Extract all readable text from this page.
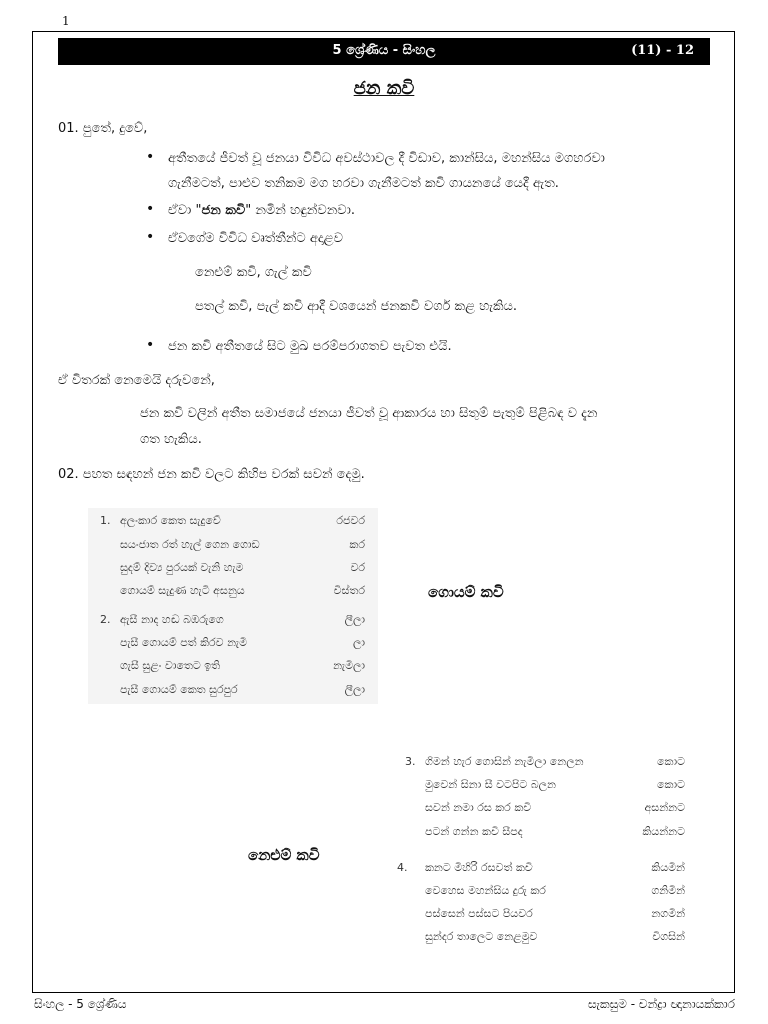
1
5 ශ්‍රේණිය - සිංහල	(11) - 12
ජන කවි
01. පුතේ, දුවේ,
• අතීතයේ ජීවත් වූ ජනයා විවිධ අවස්ථාවල දී විඩාව, කාන්සිය, මහන්සිය මගහරවා
ගැනීමටත්, පාළුව තනිකම මග හරවා ගැනීමටත් කවි ගායනයේ යෙදී ඇත.
• ඒවා "ජන කවි" නමින් හඳුන්වනවා.
• ඒවගේම විවිධ වෘත්තීන්ට අදාළව
නෙළුම් කවි, ගැල් කවි
පතල් කවි, පැල් කවි ආදී වශයෙන් ජනකවි වර්ග කළ හැකිය.
• ජන කවි අතීතයේ සිට මුඛ පරම්පරාගතව පැවත එයි.
ඒ විතරක් නෙමෙයි දරුවනේ,
ජන කවි වලින් අතීත සමාජයේ ජනයා ජීවත් වූ ආකාරය හා සිතුම් පැතුම් පිළිබඳ ව දැන
ගත හැකිය.
02. පහත සඳහන් ජන කවි වලට කිහිප වරක් සවන් දෙමු.
1. අලංකාර කෙත සැදුවේ	රජවර
සයංජාත රත් හැල් ගෙන ගොඩ	කර
සුදම් දිව්‍ය පුරයක් වැනි හැම	වර
ගොයම් සැදුණ හැටි අසනුය	විස්තර
2. ඇසී නාද හඬ බඹරුගෙ	ලීලා
පැසී ගොයම් පත් කිරව නැමී	ලා
ගැසී සුළං වාතෙට ඉති	නැමිලා
පැසී ගොයම් කෙත සුරපුර	ලීලා
ගොයම් කවි
3. ගිමන් හැර ගොසින් නැමිලා නෙලන	කොට
මුවෙන් සිනා සී වටපිට බලන	කොට
සවන් නමා රස කර කවි	අසන්නට
පටන් ගන්න කවි සීපද	කියන්නට
4. කනට මිහිරි රසවත් කවි	කියමින්
වෙහෙස මහන්සිය දුරු කර	ගනිමින්
පස්සෙන් පස්සට පියවර	නගමින්
සුන්දර තාලෙට නෙළමුව	විගසින්
නෙළුම් කවි
සිංහල - 5 ශ්‍රේණිය	සැකසුම - චන්ද්‍රා ඥානායක්කාර
